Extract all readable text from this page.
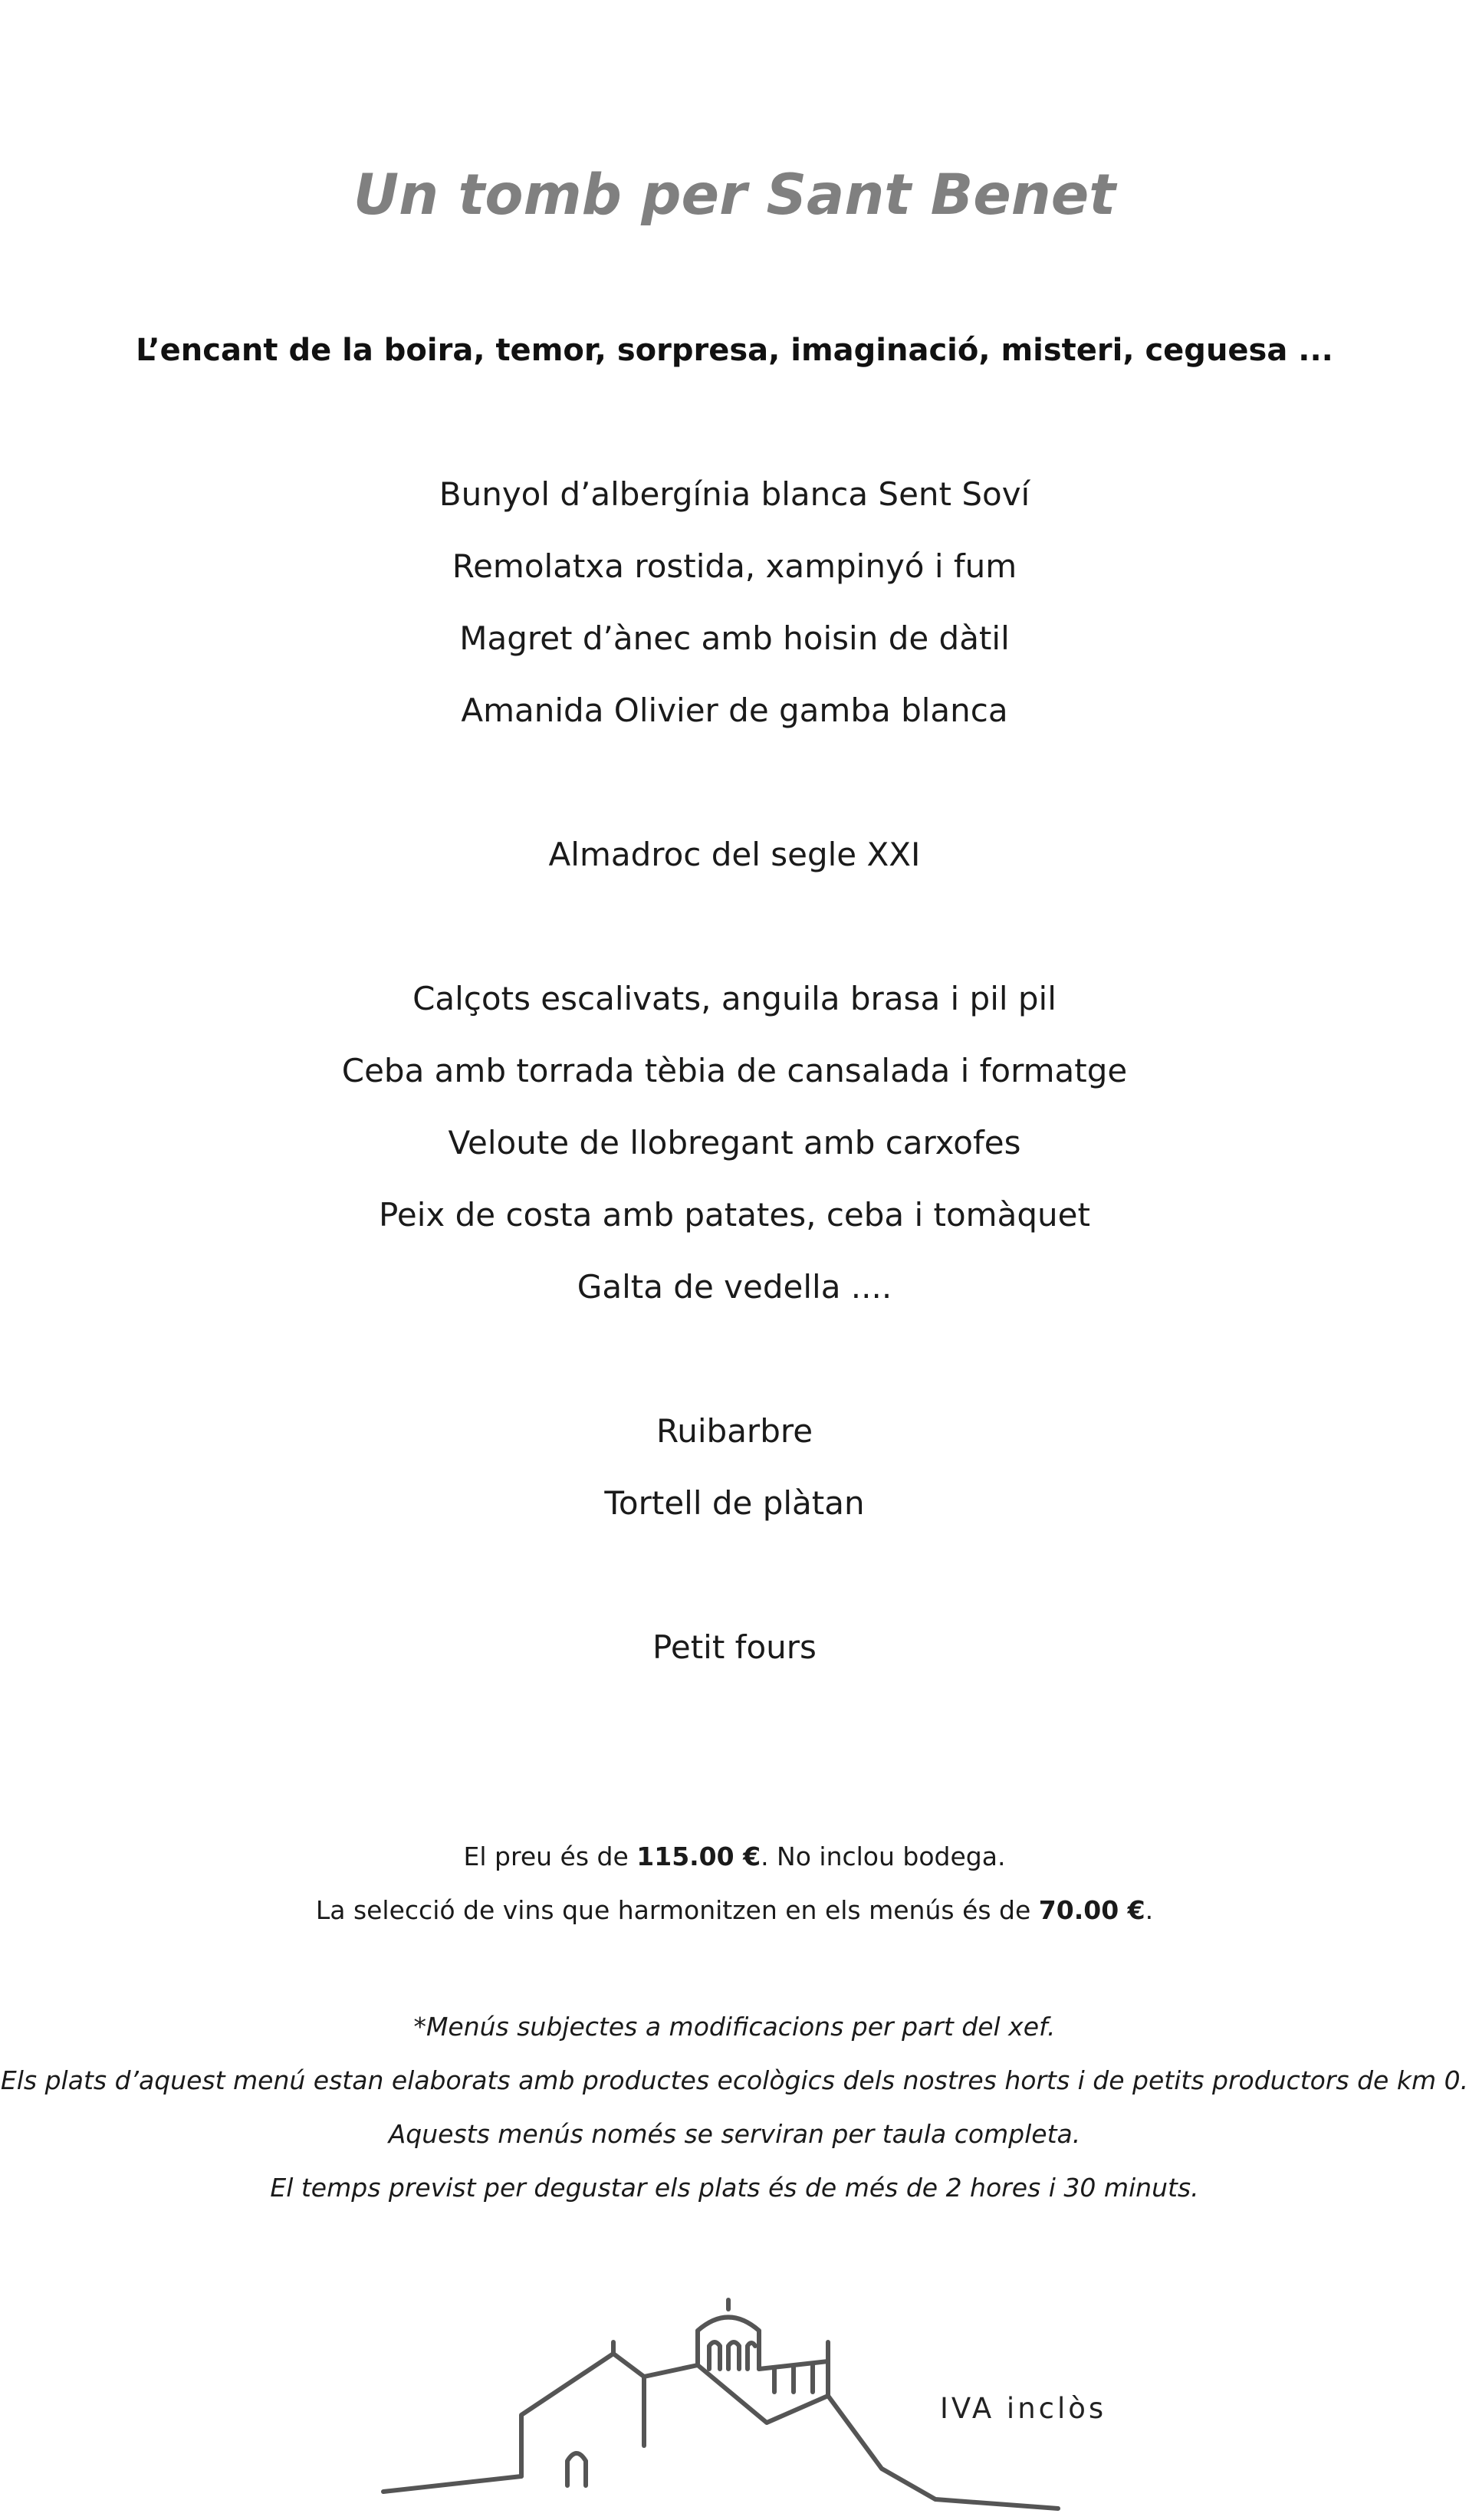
Un tomb per Sant Benet
L’encant de la boira, temor, sorpresa, imaginació, misteri, ceguesa ...
Bunyol d’albergínia blanca Sent Soví
Remolatxa rostida, xampinyó i fum
Magret d’ànec amb hoisin de dàtil
Amanida Olivier de gamba blanca
Almadroc del segle XXI
Calçots escalivats, anguila brasa i pil pil
Ceba amb torrada tèbia de cansalada i formatge
Veloute de llobregant amb carxofes
Peix de costa amb patates, ceba i tomàquet
Galta de vedella ....
Ruibarbre
Tortell de plàtan
Petit fours
El preu és de 115.00 €. No inclou bodega.
La selecció de vins que harmonitzen en els menús és de 70.00 €.
*Menús subjectes a modificacions per part del xef.
Els plats d’aquest menú estan elaborats amb productes ecològics dels nostres horts i de petits productors de km 0.
Aquests menús només se serviran per taula completa.
El temps previst per degustar els plats és de més de 2 hores i 30 minuts.
IVA inclòs
